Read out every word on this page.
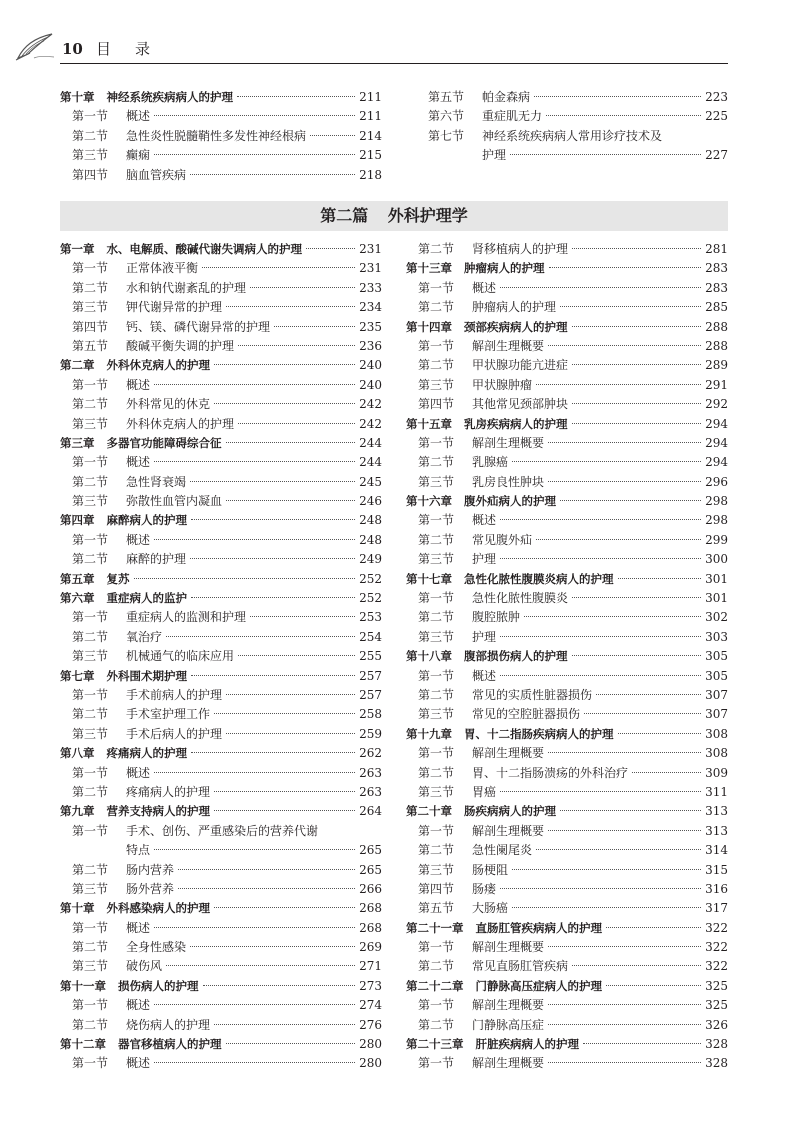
10 目录
第十章 神经系统疾病病人的护理	211
第一节	概述	211
第二节	急性炎性脱髓鞘性多发性神经根病	214
第三节	癫痫	215
第四节	脑血管疾病	218
第五节	帕金森病	223
第六节	重症肌无力	225
第七节	神经系统疾病病人常用诊疗技术及
护理	227
第二篇 外科护理学
第一章 水、电解质、酸碱代谢失调病人的护理	231
第一节	正常体液平衡	231
第二节	水和钠代谢紊乱的护理	233
第三节	钾代谢异常的护理	234
第四节	钙、镁、磷代谢异常的护理	235
第五节	酸碱平衡失调的护理	236
第二章 外科休克病人的护理	240
第一节	概述	240
第二节	外科常见的休克	242
第三节	外科休克病人的护理	242
第三章 多器官功能障碍综合征	244
第一节	概述	244
第二节	急性肾衰竭	245
第三节	弥散性血管内凝血	246
第四章 麻醉病人的护理	248
第一节	概述	248
第二节	麻醉的护理	249
第五章 复苏	252
第六章 重症病人的监护	252
第一节	重症病人的监测和护理	253
第二节	氧治疗	254
第三节	机械通气的临床应用	255
第七章 外科围术期护理	257
第一节	手术前病人的护理	257
第二节	手术室护理工作	258
第三节	手术后病人的护理	259
第八章 疼痛病人的护理	262
第一节	概述	263
第二节	疼痛病人的护理	263
第九章 营养支持病人的护理	264
第一节	手术、创伤、严重感染后的营养代谢
特点	265
第二节	肠内营养	265
第三节	肠外营养	266
第十章 外科感染病人的护理	268
第一节	概述	268
第二节	全身性感染	269
第三节	破伤风	271
第十一章 损伤病人的护理	273
第一节	概述	274
第二节	烧伤病人的护理	276
第十二章 器官移植病人的护理	280
第一节	概述	280
第二节	肾移植病人的护理	281
第十三章 肿瘤病人的护理	283
第一节	概述	283
第二节	肿瘤病人的护理	285
第十四章 颈部疾病病人的护理	288
第一节	解剖生理概要	288
第二节	甲状腺功能亢进症	289
第三节	甲状腺肿瘤	291
第四节	其他常见颈部肿块	292
第十五章 乳房疾病病人的护理	294
第一节	解剖生理概要	294
第二节	乳腺癌	294
第三节	乳房良性肿块	296
第十六章 腹外疝病人的护理	298
第一节	概述	298
第二节	常见腹外疝	299
第三节	护理	300
第十七章 急性化脓性腹膜炎病人的护理	301
第一节	急性化脓性腹膜炎	301
第二节	腹腔脓肿	302
第三节	护理	303
第十八章 腹部损伤病人的护理	305
第一节	概述	305
第二节	常见的实质性脏器损伤	307
第三节	常见的空腔脏器损伤	307
第十九章 胃、十二指肠疾病病人的护理	308
第一节	解剖生理概要	308
第二节	胃、十二指肠溃疡的外科治疗	309
第三节	胃癌	311
第二十章 肠疾病病人的护理	313
第一节	解剖生理概要	313
第二节	急性阑尾炎	314
第三节	肠梗阻	315
第四节	肠瘘	316
第五节	大肠癌	317
第二十一章 直肠肛管疾病病人的护理	322
第一节	解剖生理概要	322
第二节	常见直肠肛管疾病	322
第二十二章 门静脉高压症病人的护理	325
第一节	解剖生理概要	325
第二节	门静脉高压症	326
第二十三章 肝脏疾病病人的护理	328
第一节	解剖生理概要	328
